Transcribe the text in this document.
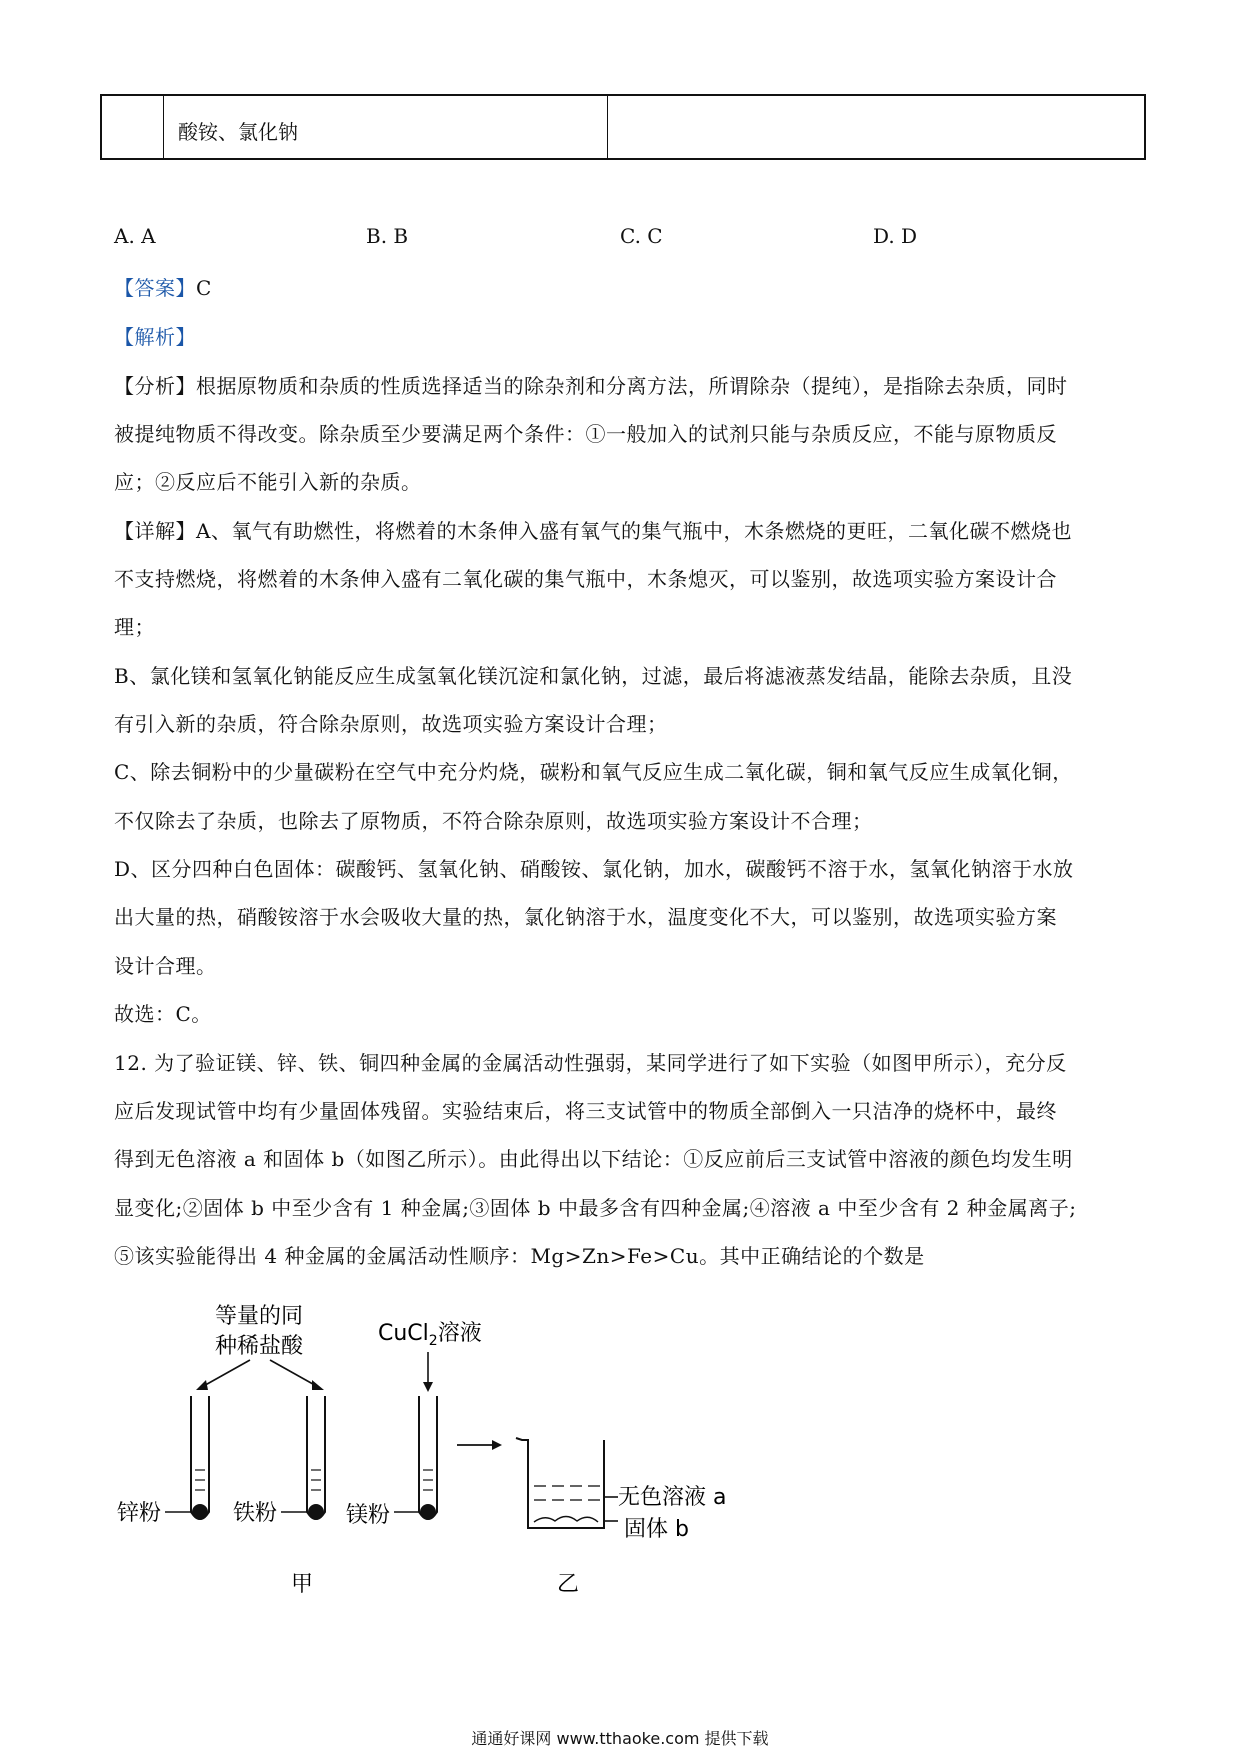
酸铵、氯化钠
A. A	B. B	C. C	D. D
【答案】C
【解析】
【分析】根据原物质和杂质的性质选择适当的除杂剂和分离方法，所谓除杂（提纯），是指除去杂质，同时
被提纯物质不得改变。除杂质至少要满足两个条件：①一般加入的试剂只能与杂质反应，不能与原物质反
应；②反应后不能引入新的杂质。
【详解】A、氧气有助燃性，将燃着的木条伸入盛有氧气的集气瓶中，木条燃烧的更旺，二氧化碳不燃烧也
不支持燃烧，将燃着的木条伸入盛有二氧化碳的集气瓶中，木条熄灭，可以鉴别，故选项实验方案设计合
理；
B、氯化镁和氢氧化钠能反应生成氢氧化镁沉淀和氯化钠，过滤，最后将滤液蒸发结晶，能除去杂质，且没
有引入新的杂质，符合除杂原则，故选项实验方案设计合理；
C、除去铜粉中的少量碳粉在空气中充分灼烧，碳粉和氧气反应生成二氧化碳，铜和氧气反应生成氧化铜，
不仅除去了杂质，也除去了原物质，不符合除杂原则，故选项实验方案设计不合理；
D、区分四种白色固体：碳酸钙、氢氧化钠、硝酸铵、氯化钠，加水，碳酸钙不溶于水，氢氧化钠溶于水放
出大量的热，硝酸铵溶于水会吸收大量的热，氯化钠溶于水，温度变化不大，可以鉴别，故选项实验方案
设计合理。
故选：C。
12. 为了验证镁、锌、铁、铜四种金属的金属活动性强弱，某同学进行了如下实验（如图甲所示），充分反
应后发现试管中均有少量固体残留。实验结束后，将三支试管中的物质全部倒入一只洁净的烧杯中，最终
得到无色溶液 a 和固体 b（如图乙所示）。由此得出以下结论：①反应前后三支试管中溶液的颜色均发生明
显变化;②固体 b 中至少含有 1 种金属;③固体 b 中最多含有四种金属;④溶液 a 中至少含有 2 种金属离子;
⑤该实验能得出 4 种金属的金属活动性顺序：Mg>Zn>Fe>Cu。其中正确结论的个数是
等量的同
种稀盐酸
CuCl$_2$溶液
锌粉	铁粉	镁粉
无色溶液 a
固体 b
甲	乙
通通好课网 www.tthaoke.com 提供下载
